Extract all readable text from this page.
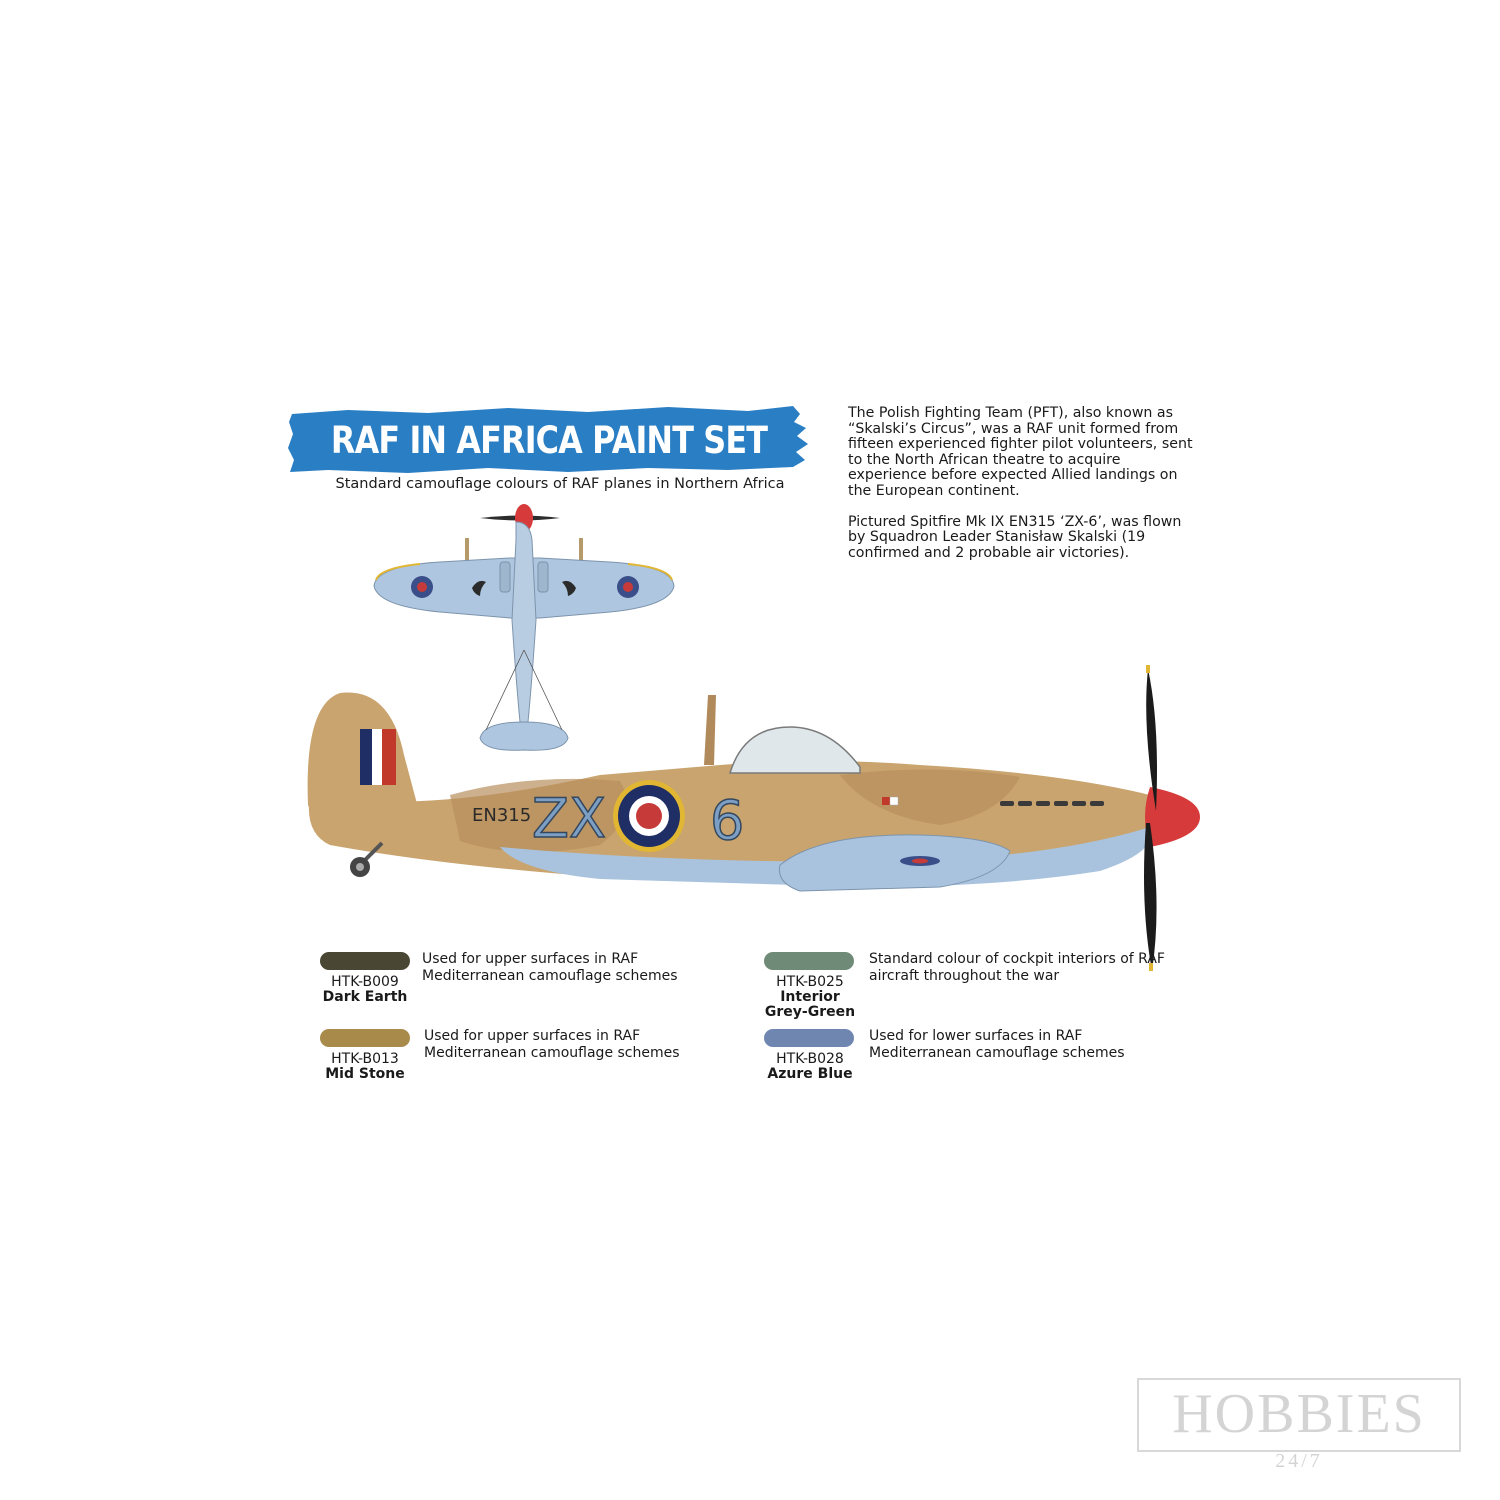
RAF IN AFRICA PAINT SET
Standard camouflage colours of RAF planes in Northern Africa

The Polish Fighting Team (PFT), also known as “Skalski’s Circus”, was a RAF unit formed from fifteen experienced fighter pilot volunteers, sent to the North African theatre to acquire experience before expected Allied landings on the European continent.

Pictured Spitfire Mk IX EN315 ‘ZX-6’, was flown by Squadron Leader Stanisław Skalski (19 confirmed and 2 probable air victories).

EN315 ZX 6
HTK-B009
Dark Earth
Used for upper surfaces in RAF Mediterranean camouflage schemes
HTK-B013
Mid Stone
Used for upper surfaces in RAF Mediterranean camouflage schemes
HTK-B025
Interior
Grey-Green
Standard colour of cockpit interiors of RAF aircraft throughout the war
HTK-B028
Azure Blue
Used for lower surfaces in RAF Mediterranean camouflage schemes
HOBBIES
24/7
